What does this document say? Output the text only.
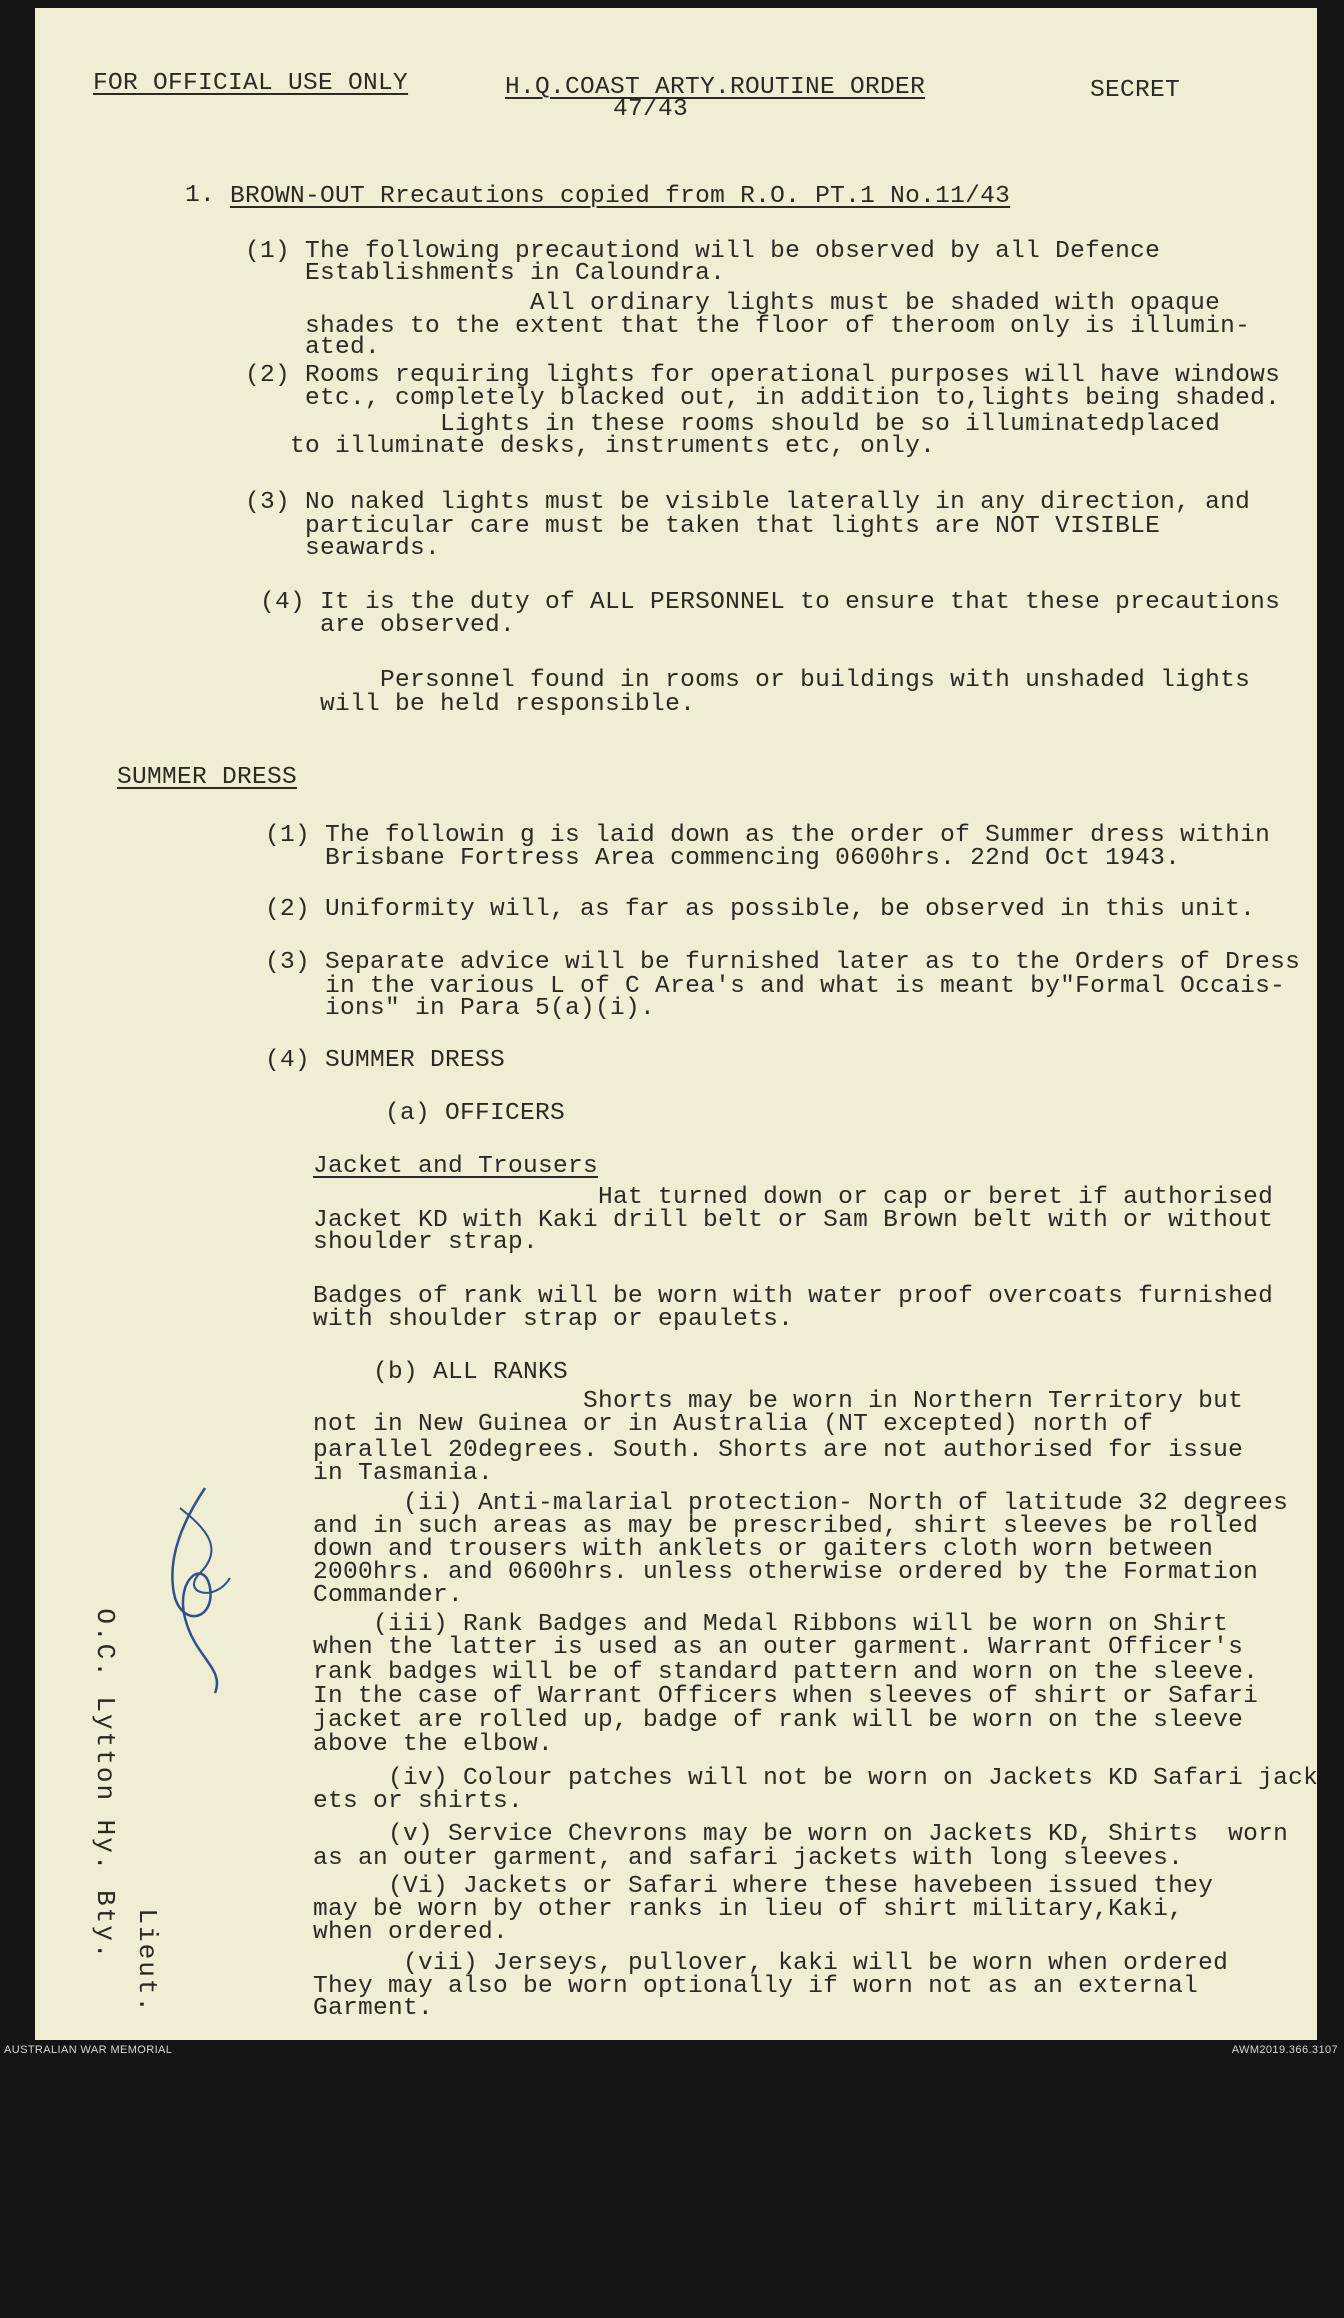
FOR OFFICIAL USE ONLY	H.Q.COAST ARTY.ROUTINE ORDER
47/43
SECRET
1. BROWN-OUT Rrecautions copied from R.O. PT.1 No.11/43
(1) The following precautiond will be observed by all Defence
Establishments in Caloundra.
All ordinary lights must be shaded with opaque
shades to the extent that the floor of theroom only is illumin-
ated.
(2) Rooms requiring lights for operational purposes will have windows
etc., completely blacked out, in addition to,lights being shaded.
Lights in these rooms should be so illuminatedplaced
to illuminate desks, instruments etc, only.
(3) No naked lights must be visible laterally in any direction, and
particular care must be taken that lights are NOT VISIBLE
seawards.
(4) It is the duty of ALL PERSONNEL to ensure that these precautions
are observed.
Personnel found in rooms or buildings with unshaded lights
will be held responsible.
SUMMER DRESS
(1) The followin g is laid down as the order of Summer dress within
Brisbane Fortress Area commencing 0600hrs. 22nd Oct 1943.
(2) Uniformity will, as far as possible, be observed in this unit.
(3) Separate advice will be furnished later as to the Orders of Dress
in the various L of C Area's and what is meant by"Formal Occais-
ions" in Para 5(a)(i).
(4) SUMMER DRESS
(a) OFFICERS
Jacket and Trousers
Hat turned down or cap or beret if authorised
Jacket KD with Kaki drill belt or Sam Brown belt with or without
shoulder strap.
Badges of rank will be worn with water proof overcoats furnished
with shoulder strap or epaulets.
(b) ALL RANKS
Shorts may be worn in Northern Territory but
not in New Guinea or in Australia (NT excepted) north of
parallel 20degrees. South. Shorts are not authorised for issue
in Tasmania.
(ii) Anti-malarial protection- North of latitude 32 degrees
and in such areas as may be prescribed, shirt sleeves be rolled
down and trousers with anklets or gaiters cloth worn between
2000hrs. and 0600hrs. unless otherwise ordered by the Formation
Commander.
(iii) Rank Badges and Medal Ribbons will be worn on Shirt
when the latter is used as an outer garment. Warrant Officer's
rank badges will be of standard pattern and worn on the sleeve.
In the case of Warrant Officers when sleeves of shirt or Safari
jacket are rolled up, badge of rank will be worn on the sleeve
above the elbow.
(iv) Colour patches will not be worn on Jackets KD Safari jack
ets or shirts.
(v) Service Chevrons may be worn on Jackets KD, Shirts  worn
as an outer garment, and safari jackets with long sleeves.
(Vi) Jackets or Safari where these havebeen issued they
may be worn by other ranks in lieu of shirt military,Kaki,
when ordered.
(vii) Jerseys, pullover, kaki will be worn when ordered
They may also be worn optionally if worn not as an external
Garment.

O.C. Lytton Hy. Bty.

Lieut.

AUSTRALIAN WAR MEMORIAL	AWM2019.366.3107
